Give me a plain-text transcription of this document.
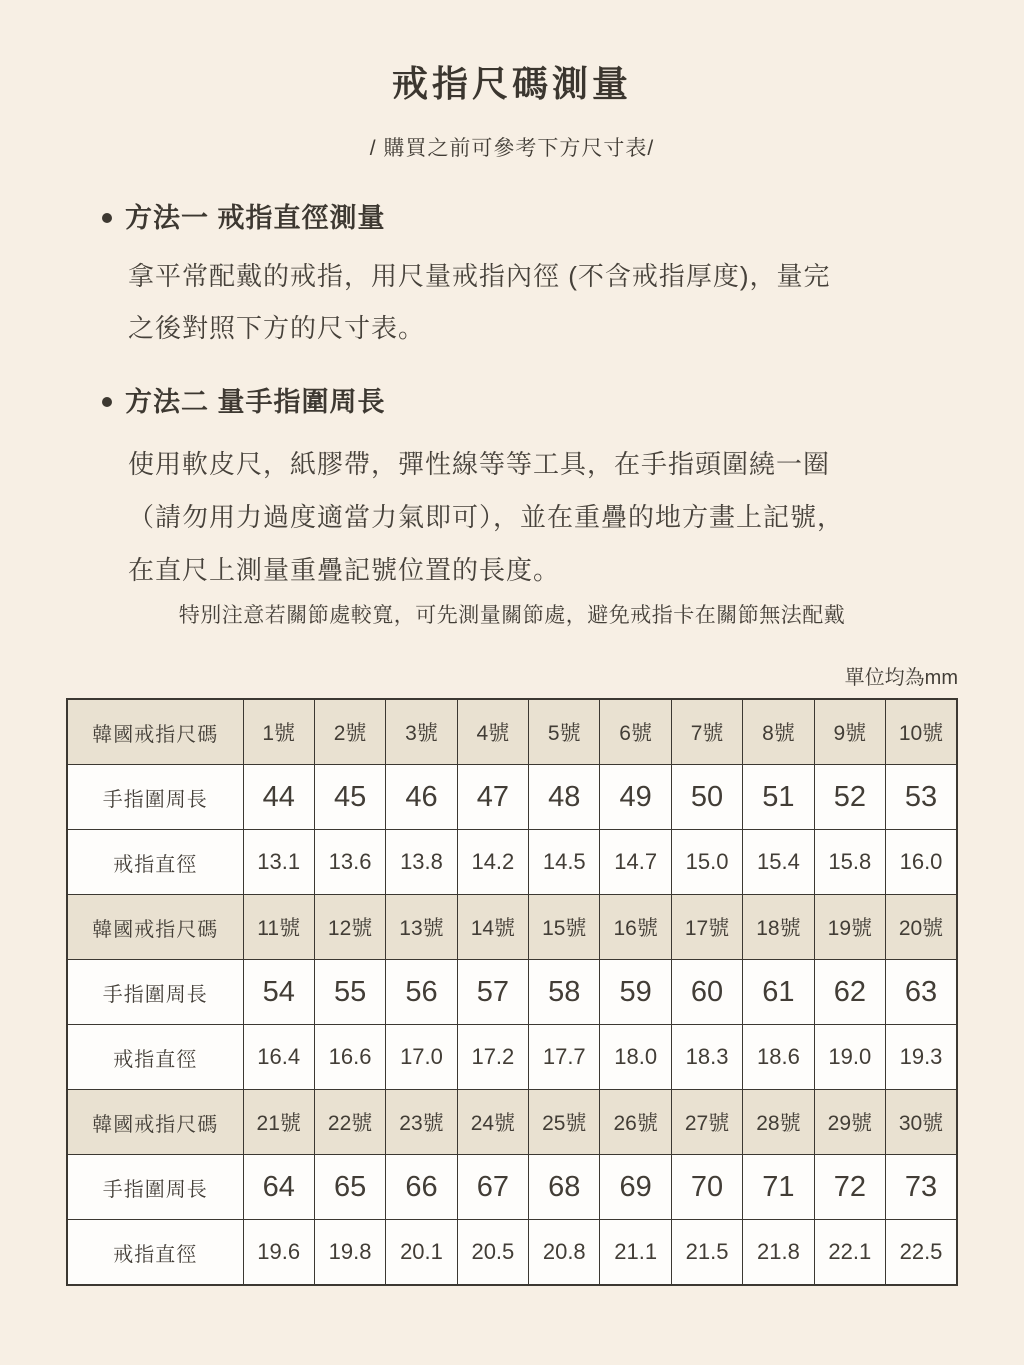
戒指尺碼測量
/ 購買之前可參考下方尺寸表/
方法一 戒指直徑測量
拿平常配戴的戒指，用尺量戒指內徑 (不含戒指厚度)，量完
之後對照下方的尺寸表。
方法二 量手指圍周長
使用軟皮尺，紙膠帶，彈性線等等工具，在手指頭圍繞一圈
（請勿用力過度適當力氣即可），並在重疊的地方畫上記號，
在直尺上測量重疊記號位置的長度。
特別注意若關節處較寬，可先測量關節處，避免戒指卡在關節無法配戴
單位均為mm
韓國戒指尺碼	1號	2號	3號	4號	5號	6號	7號	8號	9號	10號
手指圍周長	44	45	46	47	48	49	50	51	52	53
戒指直徑	13.1	13.6	13.8	14.2	14.5	14.7	15.0	15.4	15.8	16.0
韓國戒指尺碼	11號	12號	13號	14號	15號	16號	17號	18號	19號	20號
手指圍周長	54	55	56	57	58	59	60	61	62	63
戒指直徑	16.4	16.6	17.0	17.2	17.7	18.0	18.3	18.6	19.0	19.3
韓國戒指尺碼	21號	22號	23號	24號	25號	26號	27號	28號	29號	30號
手指圍周長	64	65	66	67	68	69	70	71	72	73
戒指直徑	19.6	19.8	20.1	20.5	20.8	21.1	21.5	21.8	22.1	22.5
